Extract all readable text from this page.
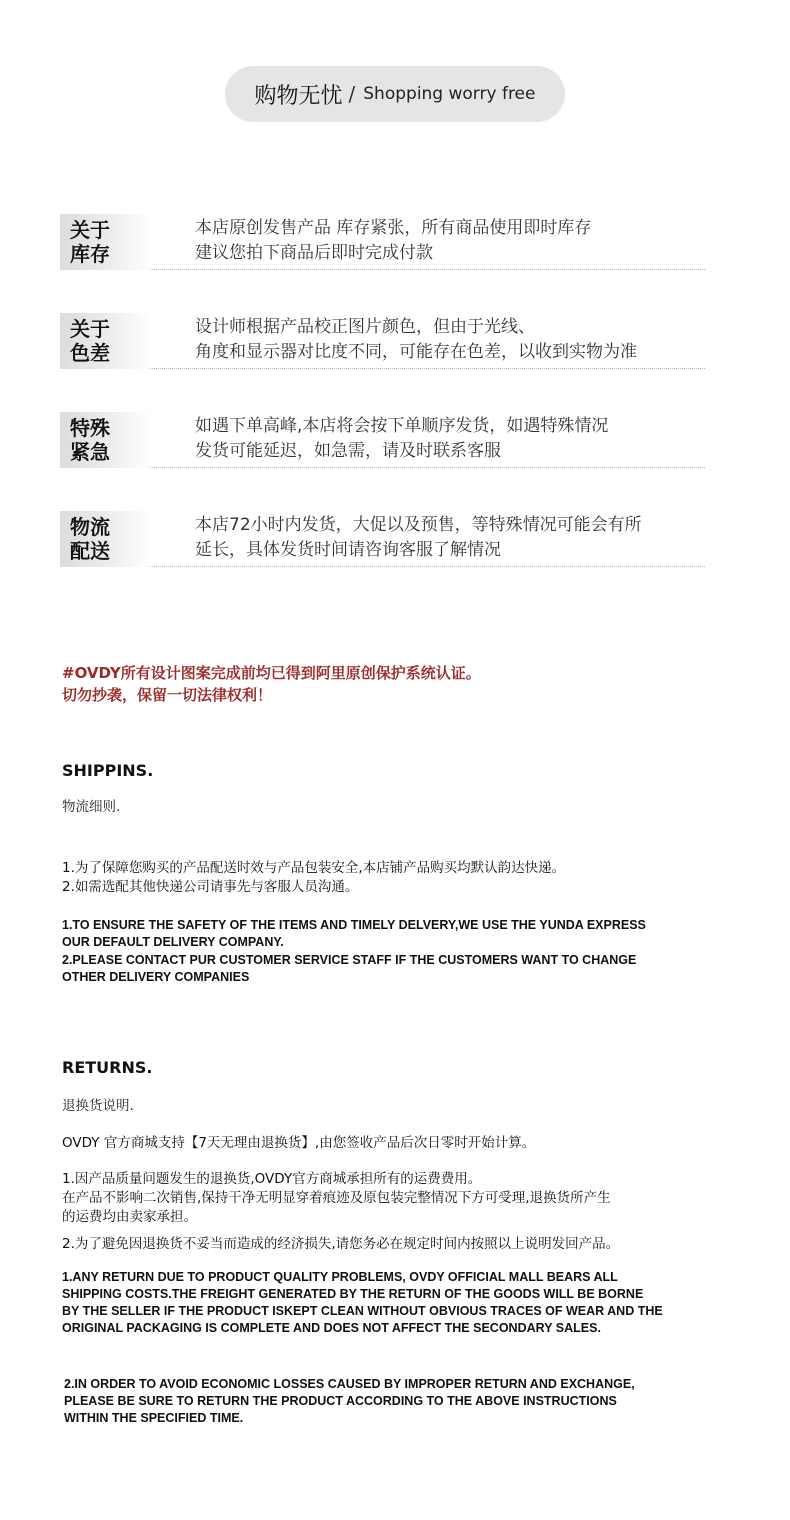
购物无忧 / Shopping worry free
关于
库存
本店原创发售产品 库存紧张，所有商品使用即时库存
建议您拍下商品后即时完成付款
关于
色差
设计师根据产品校正图片颜色，但由于光线、
角度和显示器对比度不同，可能存在色差，以收到实物为准
特殊
紧急
如遇下单高峰,本店将会按下单顺序发货，如遇特殊情况
发货可能延迟，如急需，请及时联系客服
物流
配送
本店72小时内发货，大促以及预售，等特殊情况可能会有所
延长，具体发货时间请咨询客服了解情况
#OVDY所有设计图案完成前均已得到阿里原创保护系统认证。
切勿抄袭，保留一切法律权利！
SHIPPINS.
物流细则.
1.为了保障您购买的产品配送时效与产品包装安全,本店铺产品购买均默认韵达快递。
2.如需选配其他快递公司请事先与客服人员沟通。
1.TO ENSURE THE SAFETY OF THE ITEMS AND TIMELY DELVERY,WE USE THE YUNDA EXPRESS
OUR DEFAULT DELIVERY COMPANY.
2.PLEASE CONTACT PUR CUSTOMER SERVICE STAFF IF THE CUSTOMERS WANT TO CHANGE
OTHER DELIVERY COMPANIES
RETURNS.
退换货说明.
OVDY 官方商城支持【7天无理由退换货】,由您签收产品后次日零时开始计算。
1.因产品质量问题发生的退换货,OVDY官方商城承担所有的运费费用。
在产品不影响二次销售,保持干净无明显穿着痕迹及原包装完整情况下方可受理,退换货所产生
的运费均由卖家承担。
2.为了避免因退换货不妥当而造成的经济损失,请您务必在规定时间内按照以上说明发回产品。
1.ANY RETURN DUE TO PRODUCT QUALITY PROBLEMS, OVDY OFFICIAL MALL BEARS ALL
SHIPPING COSTS.THE FREIGHT GENERATED BY THE RETURN OF THE GOODS WILL BE BORNE
BY THE SELLER IF THE PRODUCT ISKEPT CLEAN WITHOUT OBVIOUS TRACES OF WEAR AND THE
ORIGINAL PACKAGING IS COMPLETE AND DOES NOT AFFECT THE SECONDARY SALES.
2.IN ORDER TO AVOID ECONOMIC LOSSES CAUSED BY IMPROPER RETURN AND EXCHANGE,
PLEASE BE SURE TO RETURN THE PRODUCT ACCORDING TO THE ABOVE INSTRUCTIONS
WITHIN THE SPECIFIED TIME.
